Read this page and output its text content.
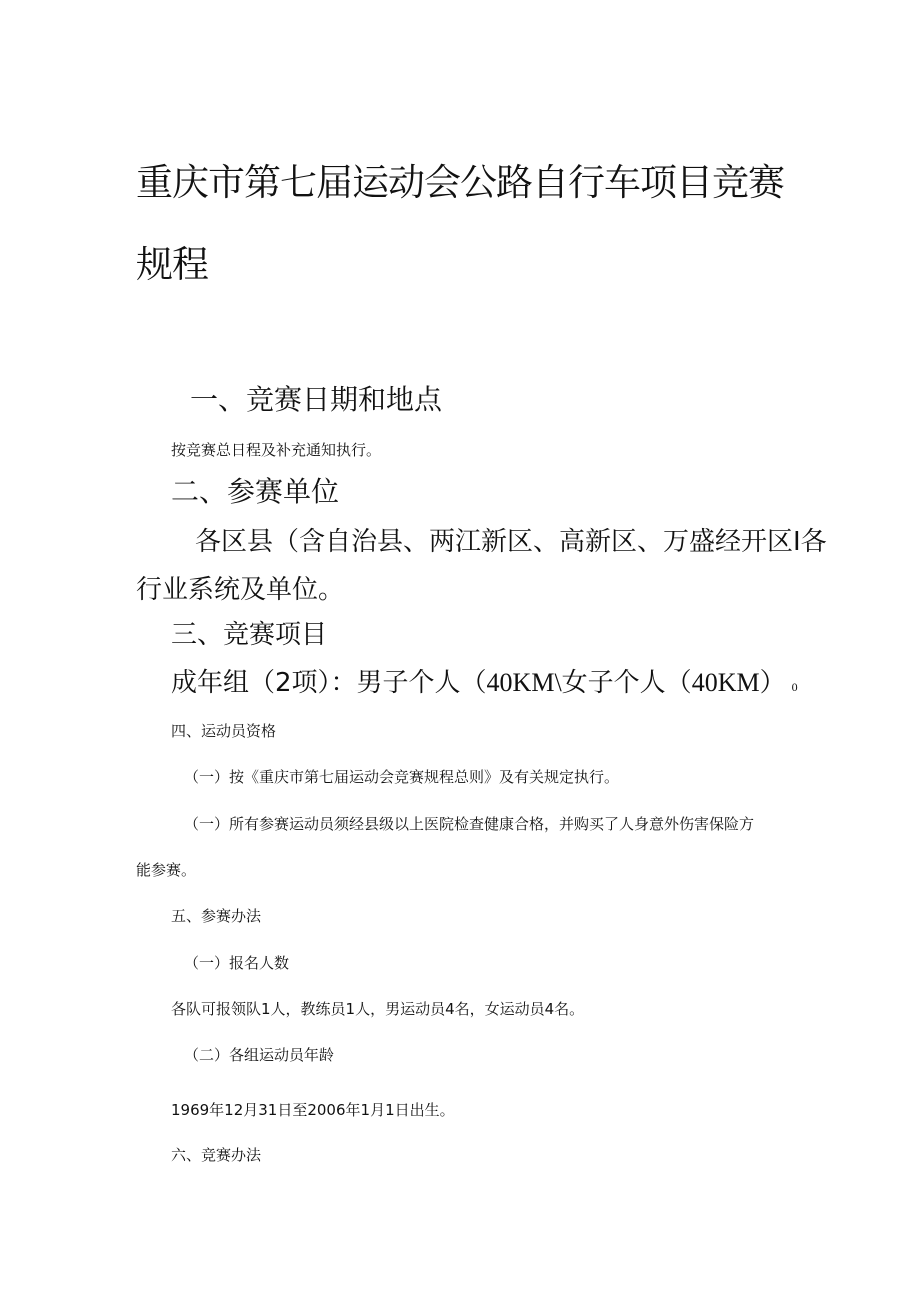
重庆市第七届运动会公路自行车项目竞赛
规程
一、竞赛日期和地点
按竞赛总日程及补充通知执行。
二、参赛单位
各区县（含自治县、两江新区、高新区、万盛经开区I各
行业系统及单位。
三、竞赛项目
成年组（2项）：男子个人（40KM\女子个人（40KM） 0
四、运动员资格
（一）按《重庆市第七届运动会竞赛规程总则》及有关规定执行。
（一）所有参赛运动员须经县级以上医院检查健康合格，并购买了人身意外伤害保险方
能参赛。
五、参赛办法
（一）报名人数
各队可报领队1人，教练员1人，男运动员4名，女运动员4名。
（二）各组运动员年龄
1969年12月31日至2006年1月1日出生。
六、竞赛办法
